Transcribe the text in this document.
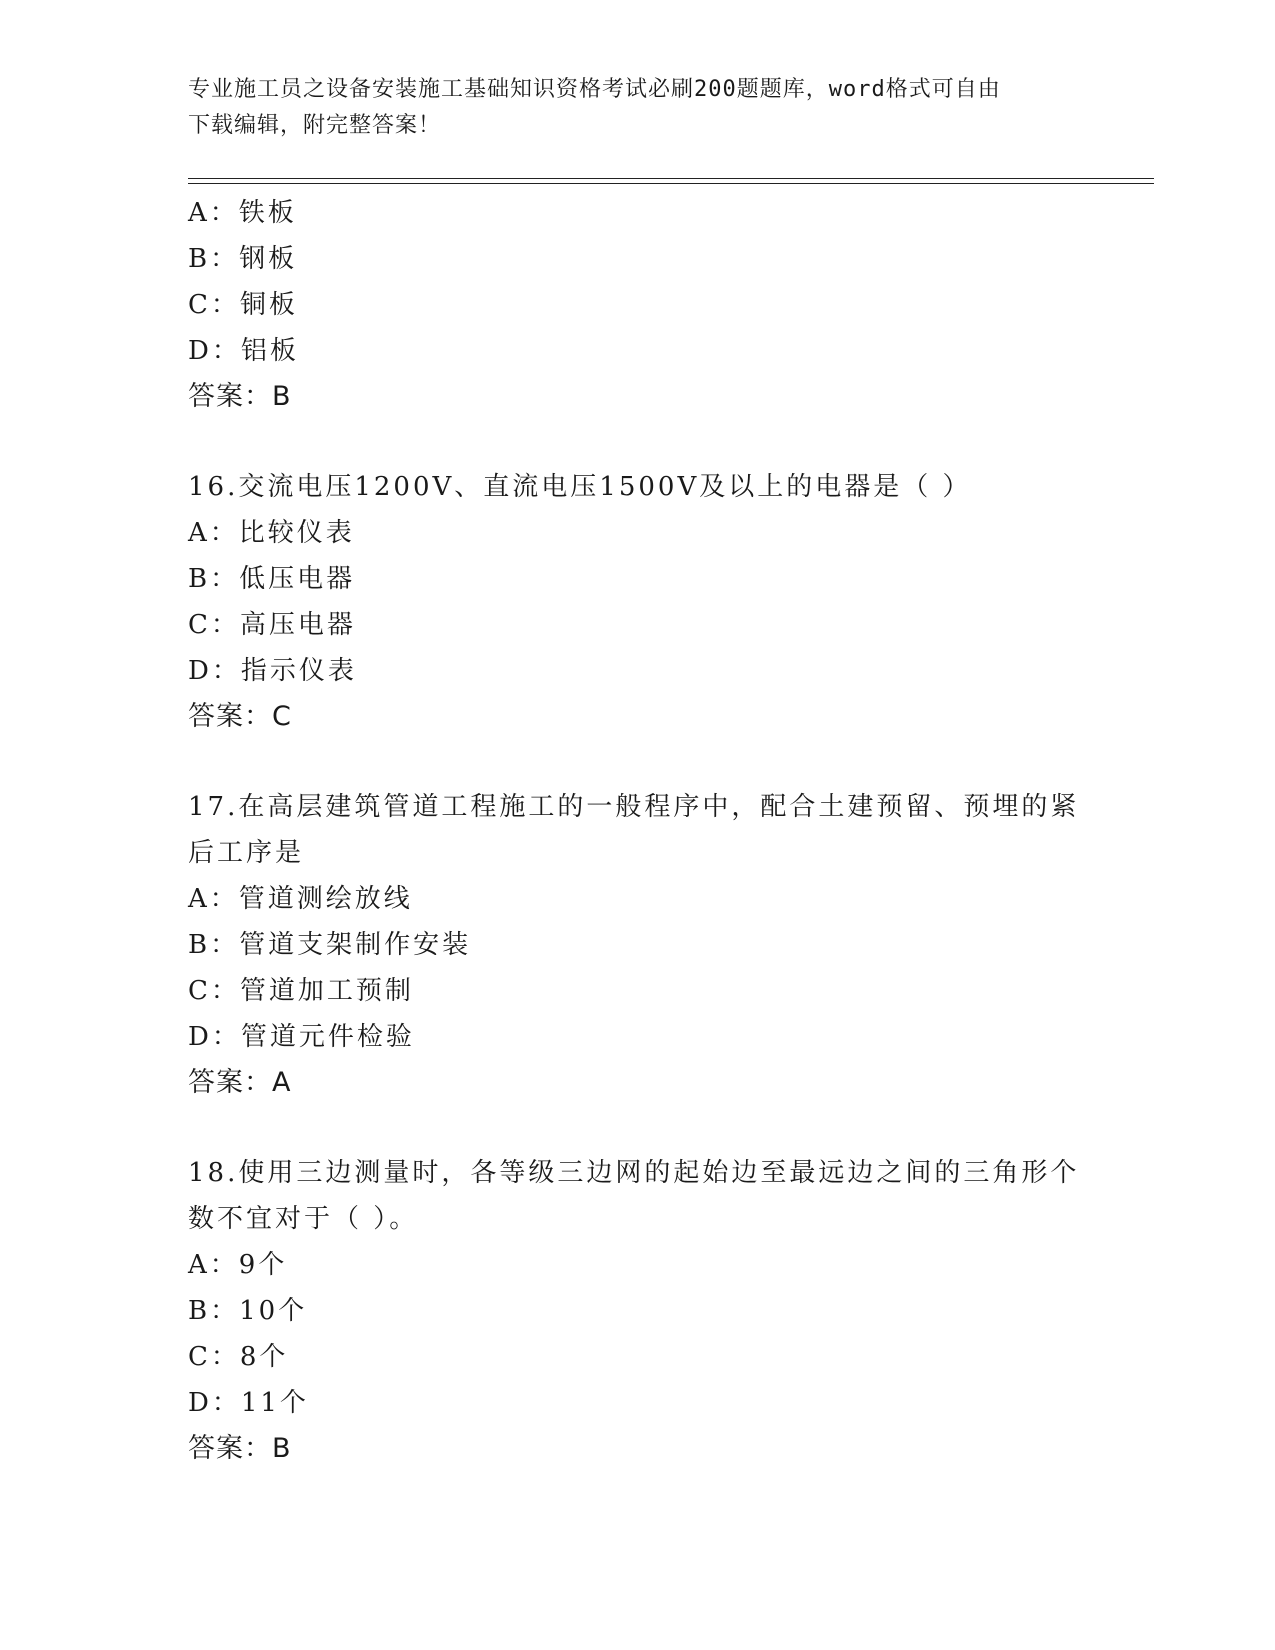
专业施工员之设备安装施工基础知识资格考试必刷200题题库，word格式可自由
下载编辑，附完整答案！
A：铁板
B：钢板
C：铜板
D：铝板
答案：B
16.交流电压1200V、直流电压1500V及以上的电器是（ ）
A：比较仪表
B：低压电器
C：高压电器
D：指示仪表
答案：C
17.在高层建筑管道工程施工的一般程序中，配合土建预留、预埋的紧
后工序是
A：管道测绘放线
B：管道支架制作安装
C：管道加工预制
D：管道元件检验
答案：A
18.使用三边测量时，各等级三边网的起始边至最远边之间的三角形个
数不宜对于（ ）。
A：9个
B：10个
C：8个
D：11个
答案：B
